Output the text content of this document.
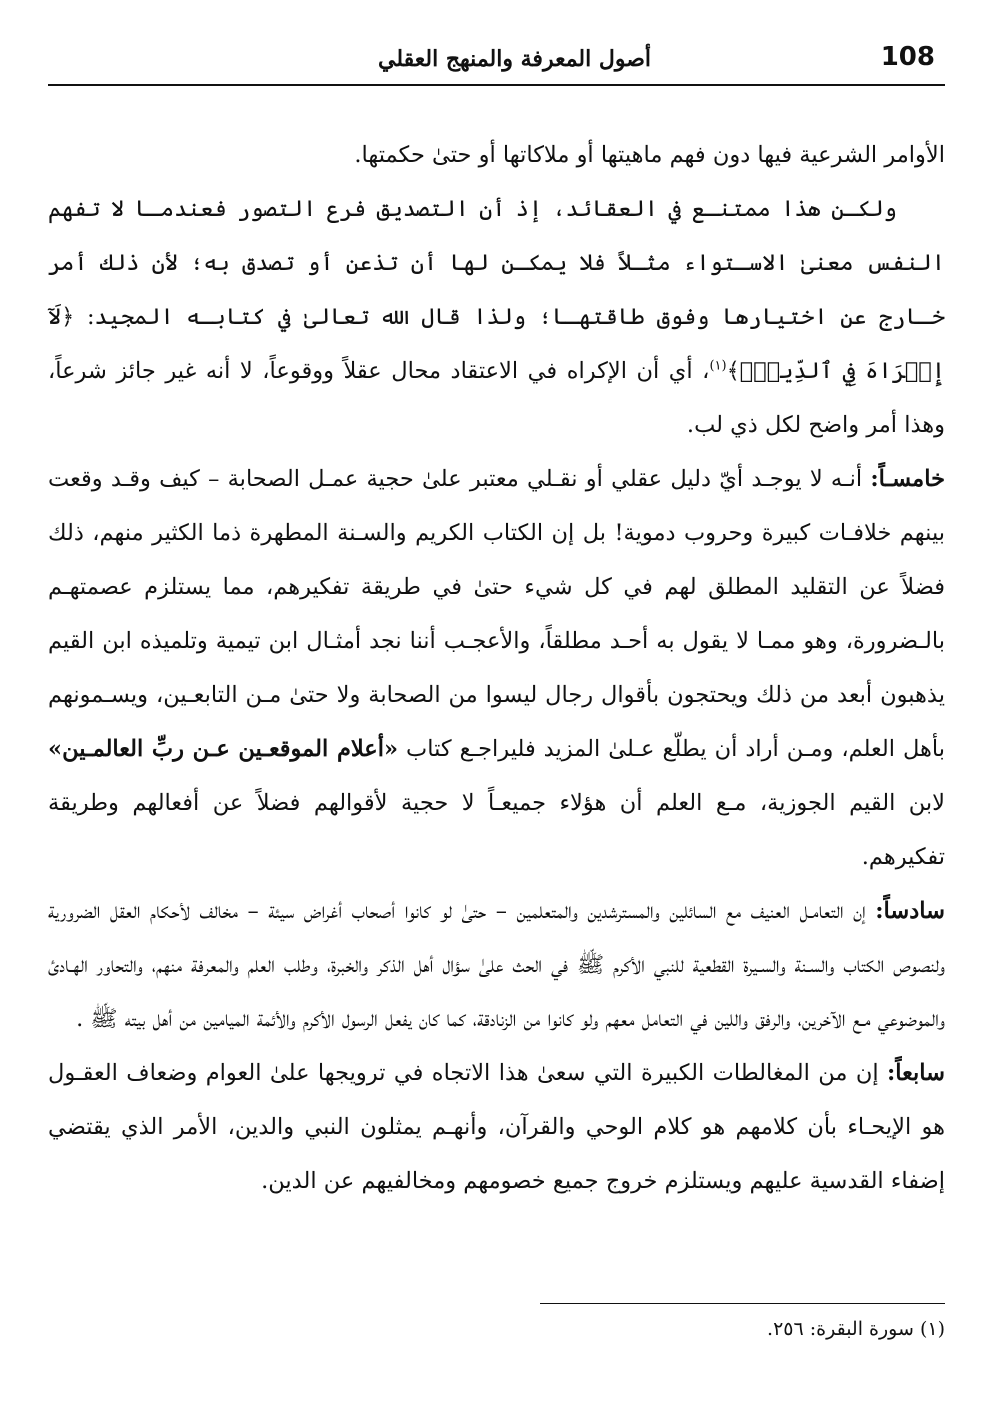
108
أصول المعرفة والمنهج العقلي

الأوامر الشرعية فيها دون فهم ماهيتها أو ملاكاتها أو حتىٰ حكمتها.

ولكـن هذا ممتنـع في العقائد، إذ أن التصديق فرع التصور فعندمـا لا تفهم النفس معنىٰ الاسـتواء مثـلاً فلا يمكـن لها أن تذعن أو تصدق به؛ لأن ذلك أمر خـارج عن اختيارها وفوق طاقتهـا؛ ولذا قال الله تعالىٰ في كتابـه المجيد: ﴿لَآ إِكۡرَاهَ فِي ٱلدِّينِۖ﴾$^{(١)}$، أي أن الإكراه في الاعتقاد محال عقلاً ووقوعاً، لا أنه غير جائز شرعاً، وهذا أمر واضح لكل ذي لب.

خامسـاً: أنـه لا يوجـد أيّ دليل عقلي أو نقـلي معتبر علىٰ حجية عمـل الصحابة – كيف وقـد وقعت بينهم خلافـات كبيرة وحروب دموية! بل إن الكتاب الكريم والسـنة المطهرة ذما الكثير منهم، ذلك فضلاً عن التقليد المطلق لهم في كل شيء حتىٰ في طريقة تفكيرهم، مما يستلزم عصمتهـم بالـضرورة، وهو ممـا لا يقول به أحـد مطلقاً، والأعجـب أننا نجد أمثـال ابن تيمية وتلميذه ابن القيم يذهبون أبعد من ذلك ويحتجون بأقوال رجال ليسوا من الصحابة ولا حتىٰ مـن التابعـين، ويسـمونهم بأهل العلم، ومـن أراد أن يطلّع عـلىٰ المزيد فليراجـع كتاب «أعلام الموقعـين عـن ربِّ العالمـين» لابن القيم الجوزية، مـع العلم أن هؤلاء جميعـاً لا حجية لأقوالهم فضلاً عن أفعالهم وطريقة تفكيرهم.

سادساً: إن التعامـل العنيف مع السائلين والمسترشدين والمتعلمين – حتىٰ لو كانوا أصحاب أغراض سيئة – مخالف لأحكام العقل الضرورية ولنصوص الكتاب والسـنة والسـيرة القطعية للنبي الأكرم ﷺ في الحث علىٰ سؤال أهل الذكر والخبرة، وطلب العلم والمعرفة منهم، والتحاور الهـادئ والموضوعي مـع الآخرين، والرفق واللين في التعامل معهم ولو كانوا من الزنادقة، كما كان يفعل الرسول الأكرم والأئمة الميامين من أهل بيته ﷺ .

سابعاً: إن من المغالطات الكبيرة التي سعىٰ هذا الاتجاه في ترويجها علىٰ العوام وضعاف العقـول هو الإيحـاء بأن كلامهم هو كلام الوحي والقرآن، وأنهـم يمثلون النبي والدين، الأمر الذي يقتضي إضفاء القدسية عليهم ويستلزم خروج جميع خصومهم ومخالفيهم عن الدين.

(١) سورة البقرة: ٢٥٦.
